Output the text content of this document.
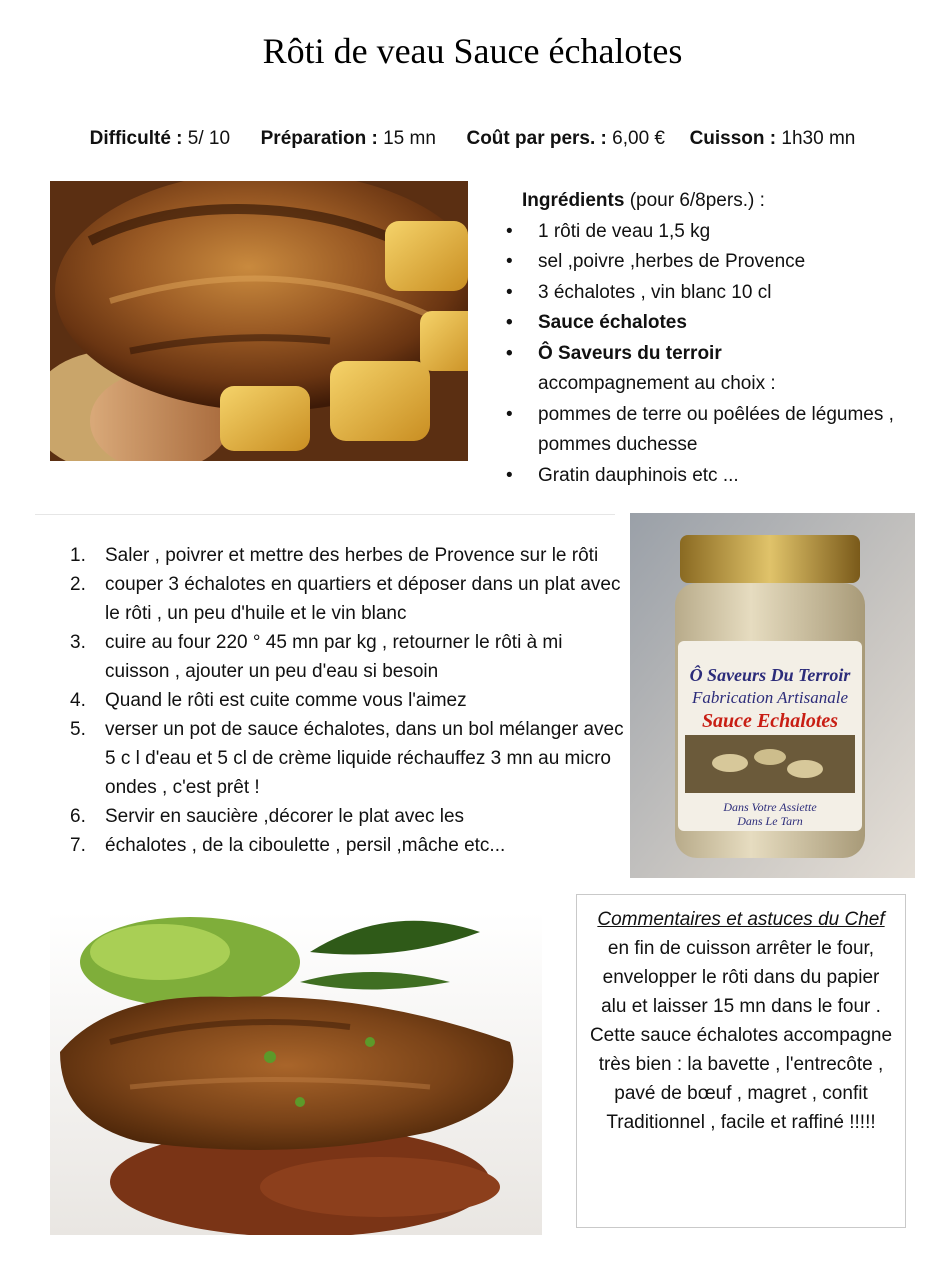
Rôti de veau Sauce échalotes
Difficulté : 5/ 10 Préparation : 15 mn Coût par pers. : 6,00 € Cuisson : 1h30 mn
Ingrédients (pour 6/8pers.) :
• 1 rôti de veau 1,5 kg
• sel ,poivre ,herbes de Provence
• 3 échalotes , vin blanc 10 cl
• Sauce échalotes
• Ô Saveurs du terroir
accompagnement au choix :
• pommes de terre ou poêlées de légumes , pommes duchesse
• Gratin dauphinois etc ...
1. Saler , poivrer et mettre des herbes de Provence sur le rôti
2. couper 3 échalotes en quartiers et déposer dans un plat avec le rôti , un peu d'huile et le vin blanc
3. cuire au four 220 ° 45 mn par kg , retourner le rôti à mi cuisson , ajouter un peu d'eau si besoin
4. Quand le rôti est cuite comme vous l'aimez
5. verser un pot de sauce échalotes, dans un bol mélanger avec 5 c l d'eau et 5 cl de crème liquide réchauffez 3 mn au micro ondes , c'est prêt !
6. Servir en saucière ,décorer le plat avec les
7. échalotes , de la ciboulette , persil ,mâche etc...
Ô Saveurs Du Terroir
Fabrication Artisanale
Sauce Echalotes
Dans Votre Assiette
Dans Le Tarn
Commentaires et astuces du Chef
en fin de cuisson arrêter le four, envelopper le rôti dans du papier alu et laisser 15 mn dans le four . Cette sauce échalotes accompagne très bien : la bavette , l'entrecôte , pavé de bœuf , magret , confit Traditionnel , facile et raffiné !!!!!
